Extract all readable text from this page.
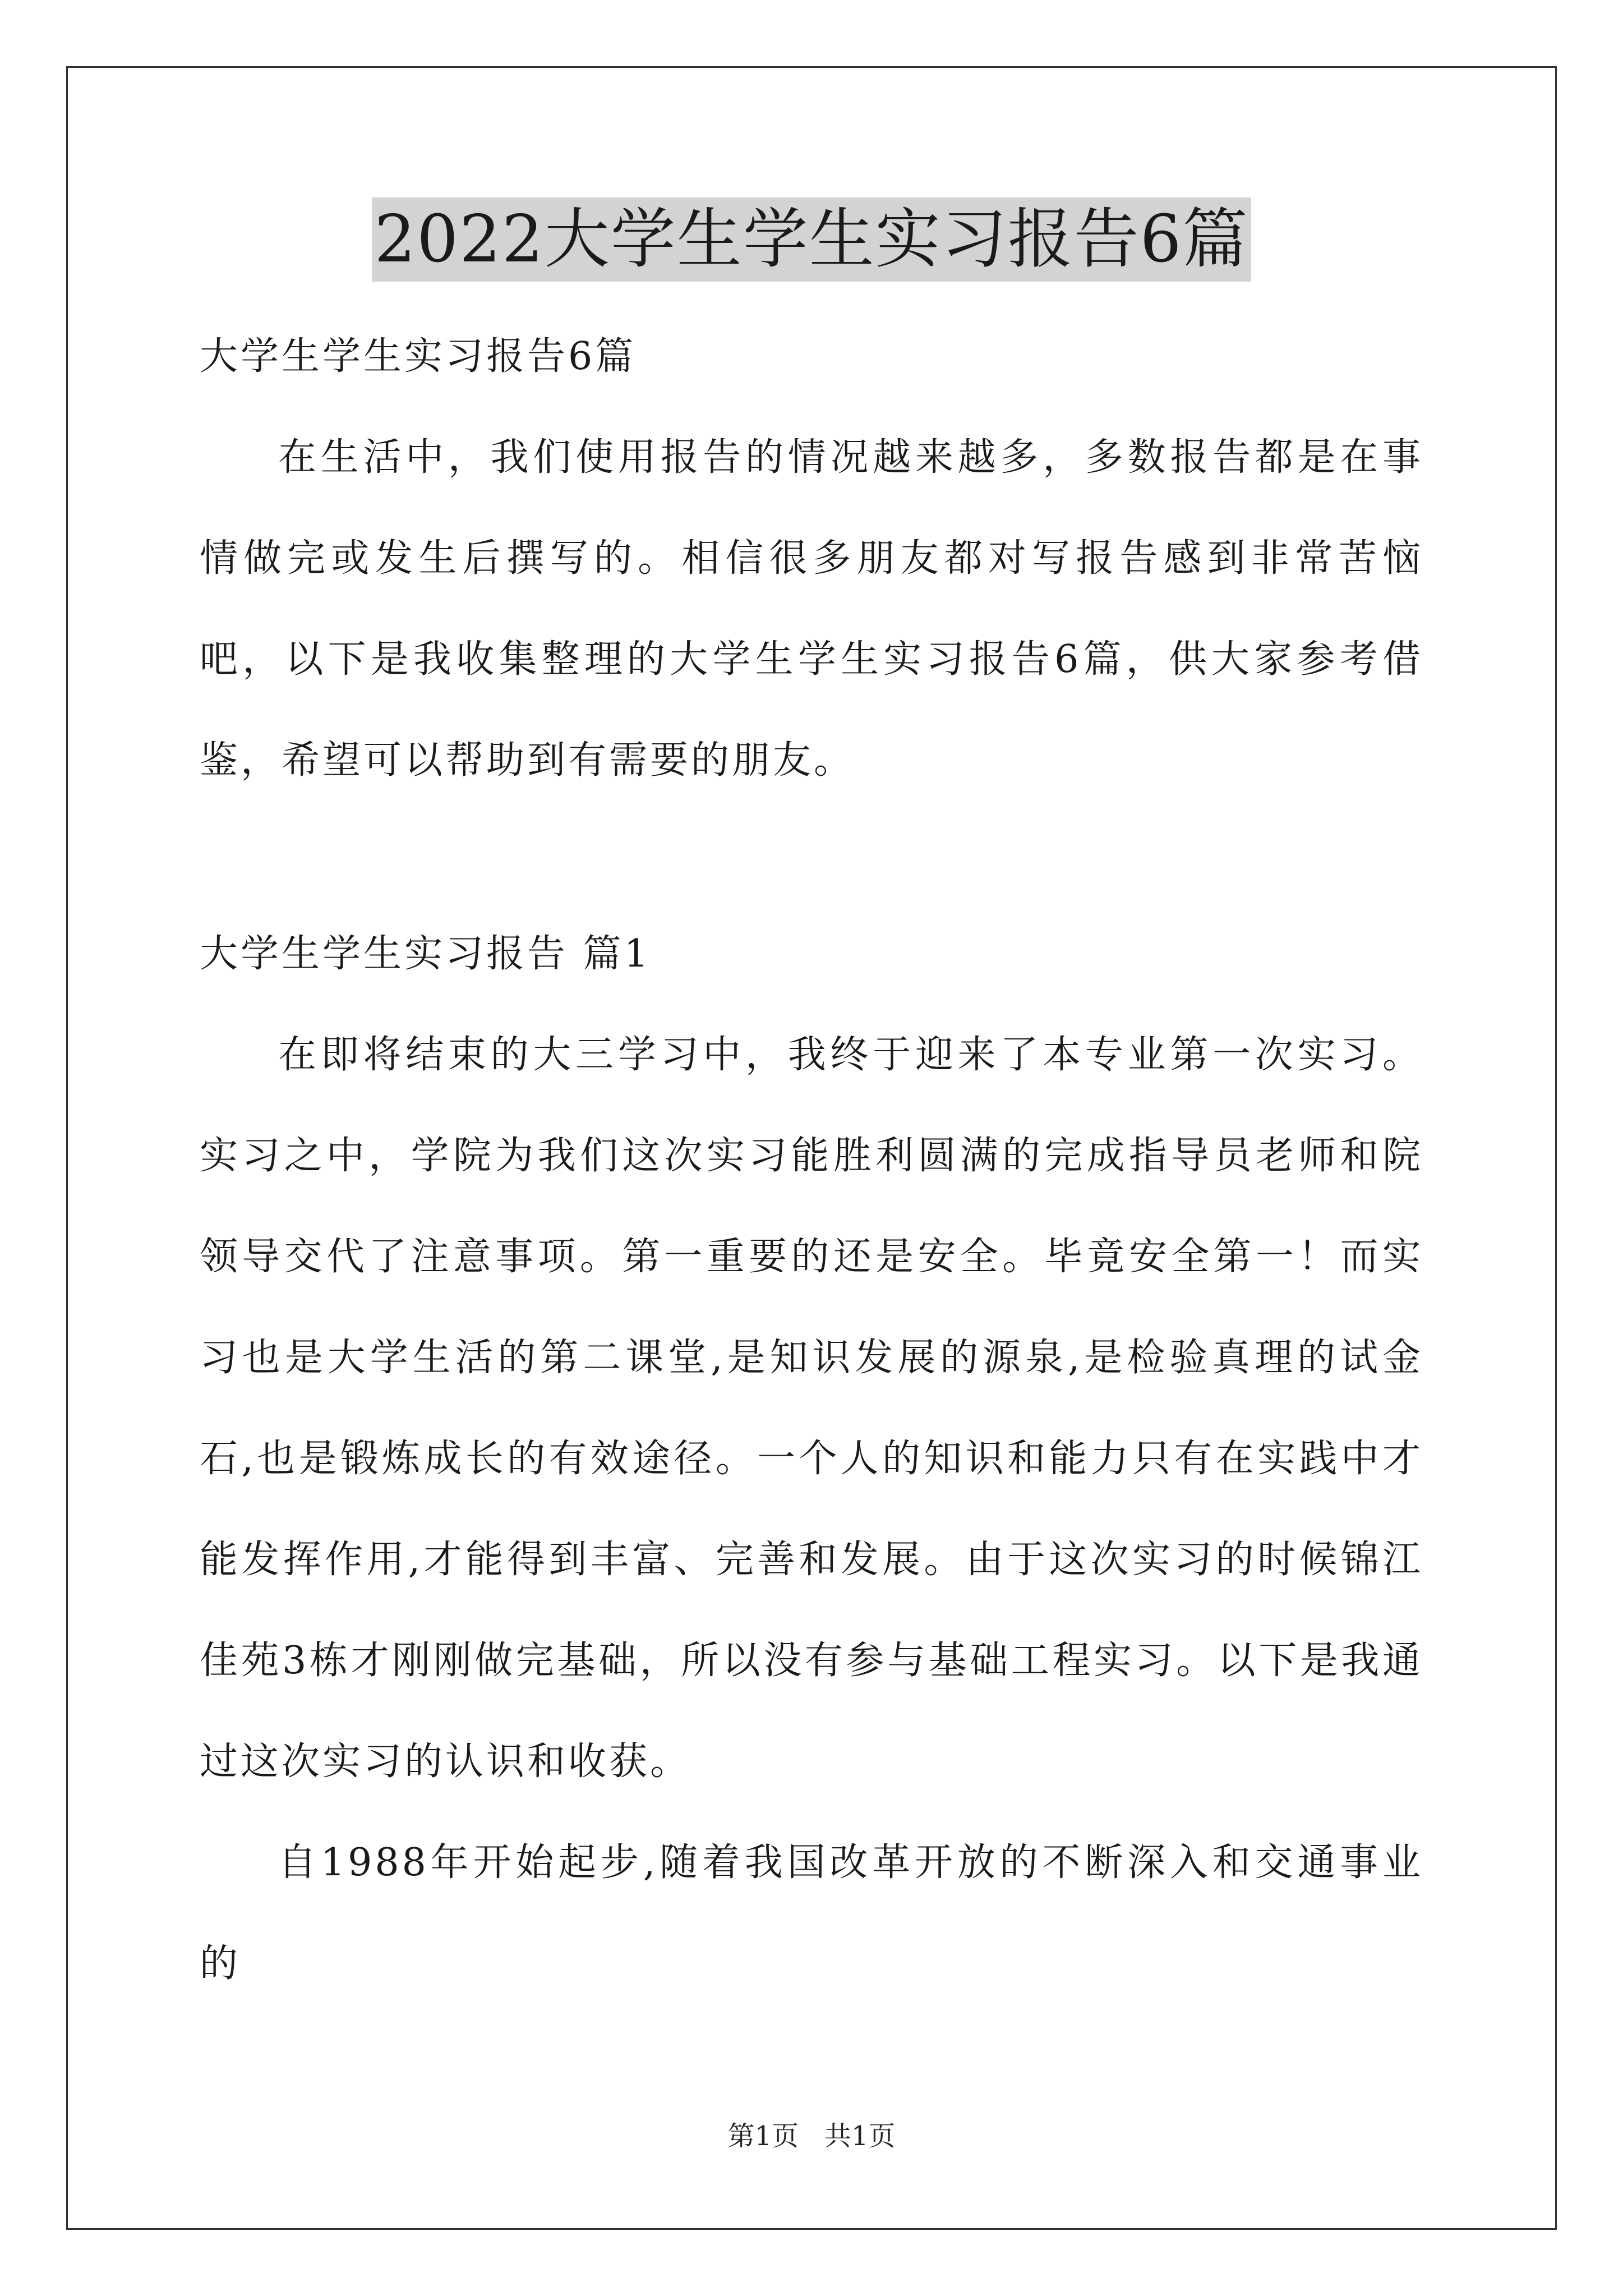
2022大学生学生实习报告6篇

大学生学生实习报告6篇

在生活中，我们使用报告的情况越来越多，多数报告都是在事情做完或发生后撰写的。相信很多朋友都对写报告感到非常苦恼吧，以下是我收集整理的大学生学生实习报告6篇，供大家参考借鉴，希望可以帮助到有需要的朋友。

大学生学生实习报告 篇1

在即将结束的大三学习中，我终于迎来了本专业第一次实习。实习之中，学院为我们这次实习能胜利圆满的完成指导员老师和院领导交代了注意事项。第一重要的还是安全。毕竟安全第一！而实习也是大学生活的第二课堂,是知识发展的源泉,是检验真理的试金石,也是锻炼成长的有效途径。一个人的知识和能力只有在实践中才能发挥作用,才能得到丰富、完善和发展。由于这次实习的时候锦江佳苑3栋才刚刚做完基础，所以没有参与基础工程实习。以下是我通过这次实习的认识和收获。

自1988年开始起步,随着我国改革开放的不断深入和交通事业的

第1页   共1页
